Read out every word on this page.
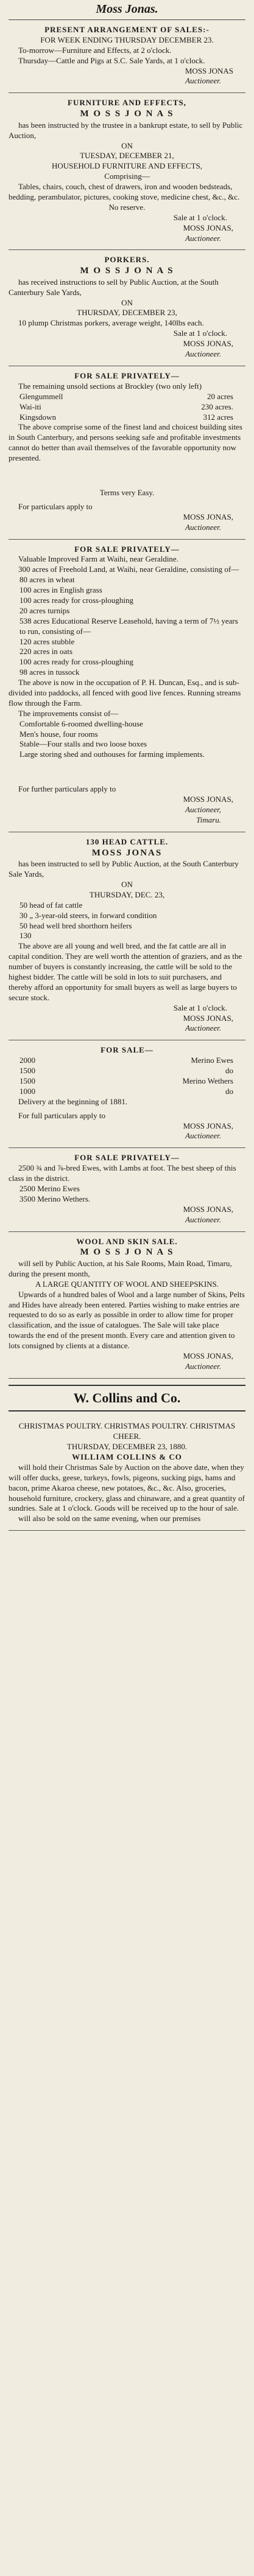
Moss Jonas.

PRESENT ARRANGEMENT OF SALES:-

FOR WEEK ENDING THURSDAY DECEMBER 23.

To-morrow—Furniture and Effects, at 2 o'clock.

Thursday—Cattle and Pigs at S.C. Sale Yards, at 1 o'clock.

MOSS JONAS

Auctioneer.

FURNITURE AND EFFECTS,

M O S S J O N A S

has been instructed by the trustee in a bankrupt estate, to sell by Public Auction,

ON

TUESDAY, DECEMBER 21,

HOUSEHOLD FURNITURE AND EFFECTS,

Comprising—

Tables, chairs, couch, chest of drawers, iron and wooden bedsteads, bedding, perambulator, pictures, cooking stove, medicine chest, &c., &c.

No reserve.

Sale at 1 o'clock.

MOSS JONAS,

Auctioneer.

PORKERS.

M O S S J O N A S

has received instructions to sell by Public Auction, at the South Canterbury Sale Yards,

ON

THURSDAY, DECEMBER 23,

10 plump Christmas porkers, average weight, 140lbs each.

Sale at 1 o'clock.

MOSS JONAS,

Auctioneer.

FOR SALE PRIVATELY—

The remaining unsold sections at Brockley (two only left)

Glengummell	20 acres
Wai-iti	230 acres.
Kingsdown	312 acres

The above comprise some of the finest land and choicest building sites in South Canterbury, and persons seeking safe and profitable investments cannot do better than avail themselves of the favorable opportunity now presented.

Terms very Easy.

For particulars apply to

MOSS JONAS,

Auctioneer.

FOR SALE PRIVATELY—

Valuable Improved Farm at Waihi, near Geraldine.

300 acres of Freehold Land, at Waihi, near Geraldine, consisting of—

80 acres in wheat

100 acres in English grass

100 acres ready for cross-ploughing

20 acres turnips

538 acres Educational Reserve Leasehold, having a term of 7½ years to run, consisting of—

120 acres stubble

220 acres in oats

100 acres ready for cross-ploughing

98 acres in tussock

The above is now in the occupation of P. H. Duncan, Esq., and is sub-divided into paddocks, all fenced with good live fences. Running streams flow through the Farm.

The improvements consist of—

Comfortable 6-roomed dwelling-house

Men's house, four rooms

Stable—Four stalls and two loose boxes

Large storing shed and outhouses for farming implements.

For further particulars apply to

MOSS JONAS,

Auctioneer,

Timaru.

130 HEAD CATTLE.

MOSS JONAS

has been instructed to sell by Public Auction, at the South Canterbury Sale Yards,

ON

THURSDAY, DEC. 23,

50 head of fat cattle

30 „ 3-year-old steers, in forward condition

50 head well bred shorthorn heifers

130

The above are all young and well bred, and the fat cattle are all in capital condition. They are well worth the attention of graziers, and as the number of buyers is constantly increasing, the cattle will be sold to the highest bidder. The cattle will be sold in lots to suit purchasers, and thereby afford an opportunity for small buyers as well as large buyers to secure stock.

Sale at 1 o'clock.

MOSS JONAS,

Auctioneer.

FOR SALE—

2000	Merino Ewes
1500	do
1500	Merino Wethers
1000	do

Delivery at the beginning of 1881.

For full particulars apply to

MOSS JONAS,

Auctioneer.

FOR SALE PRIVATELY—

2500 ¾ and ⅞-bred Ewes, with Lambs at foot. The best sheep of this class in the district.

2500 Merino Ewes

3500 Merino Wethers.

MOSS JONAS,

Auctioneer.

WOOL AND SKIN SALE.

M O S S J O N A S

will sell by Public Auction, at his Sale Rooms, Main Road, Timaru, during the present month,

A LARGE QUANTITY OF WOOL AND SHEEPSKINS.

Upwards of a hundred bales of Wool and a large number of Skins, Pelts and Hides have already been entered. Parties wishing to make entries are requested to do so as early as possible in order to allow time for proper classification, and the issue of catalogues. The Sale will take place towards the end of the present month. Every care and attention given to lots consigned by clients at a distance.

MOSS JONAS,

Auctioneer.

W. Collins and Co.

CHRISTMAS POULTRY. CHRISTMAS POULTRY. CHRISTMAS CHEER.

THURSDAY, DECEMBER 23, 1880.

WILLIAM COLLINS & CO

will hold their Christmas Sale by Auction on the above date, when they will offer ducks, geese, turkeys, fowls, pigeons, sucking pigs, hams and bacon, prime Akaroa cheese, new potatoes, &c., &c. Also, groceries, household furniture, crockery, glass and chinaware, and a great quantity of sundries. Sale at 1 o'clock. Goods will be received up to the hour of sale.

will also be sold on the same evening, when our premises
